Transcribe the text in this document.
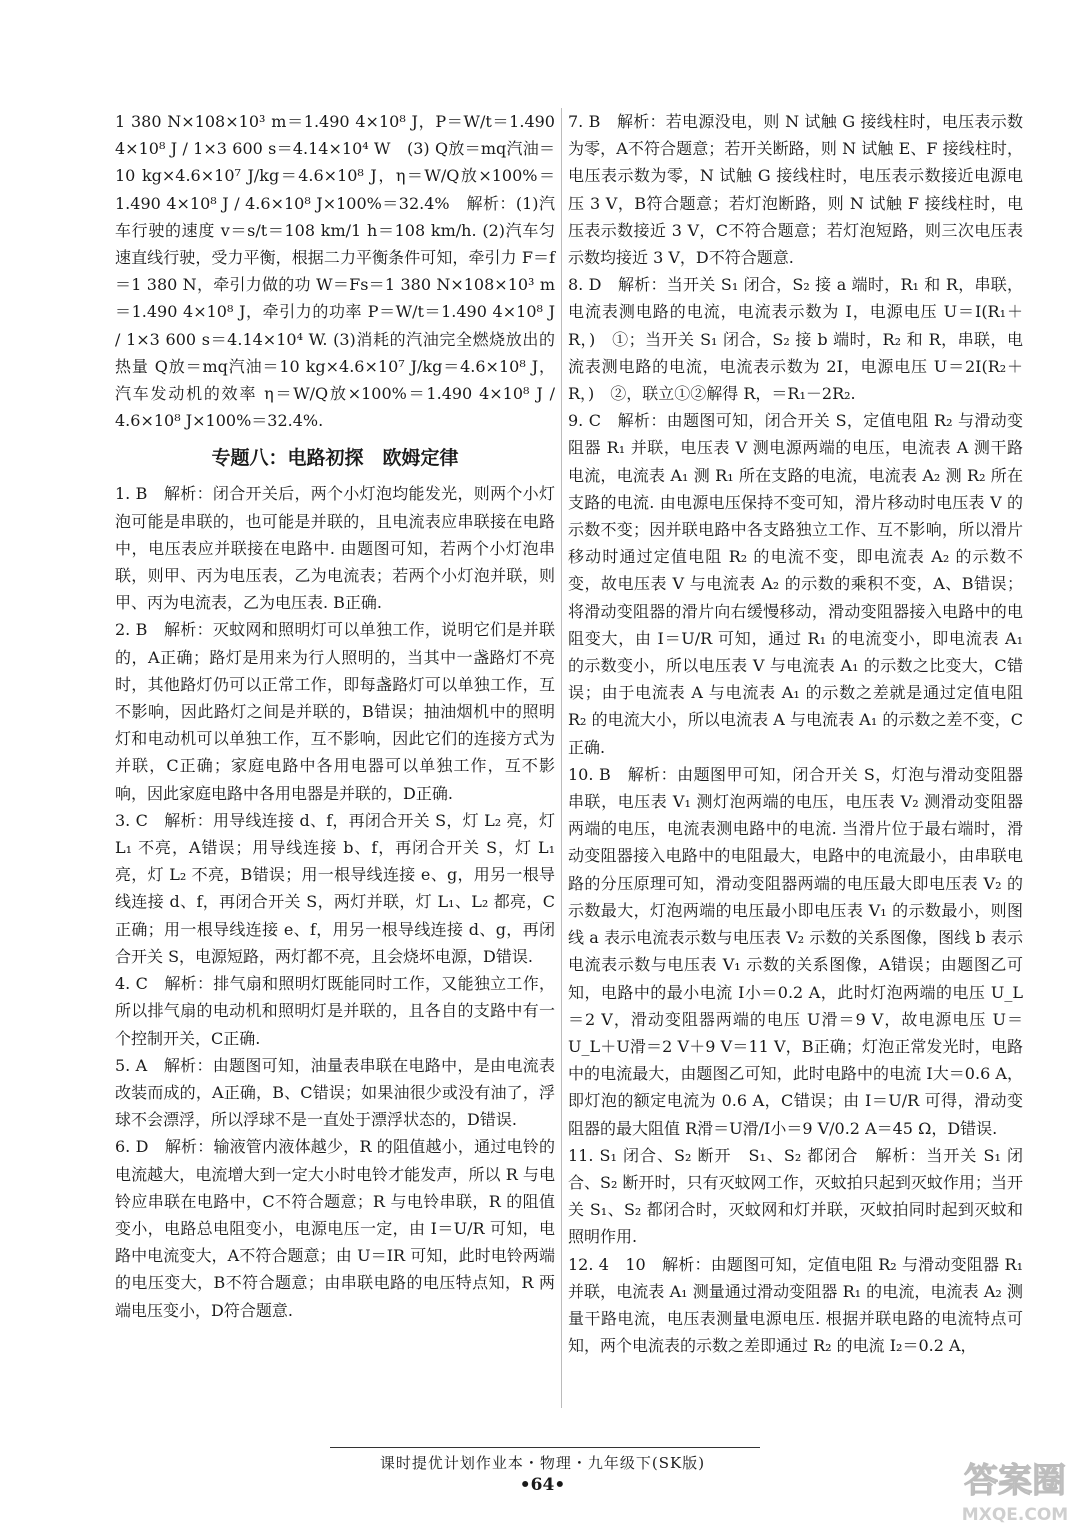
1 380 N×108×10³ m＝1.490 4×10⁸ J，P＝W/t＝1.490 4×10⁸ J / 1×3 600 s＝4.14×10⁴ W　(3) Q放＝mq汽油＝10 kg×4.6×10⁷ J/kg＝4.6×10⁸ J，η＝W/Q放×100%＝1.490 4×10⁸ J / 4.6×10⁸ J×100%＝32.4%　解析：(1)汽车行驶的速度 v＝s/t＝108 km/1 h＝108 km/h. (2)汽车匀速直线行驶，受力平衡，根据二力平衡条件可知，牵引力 F＝f＝1 380 N，牵引力做的功 W＝Fs＝1 380 N×108×10³ m＝1.490 4×10⁸ J，牵引力的功率 P＝W/t＝1.490 4×10⁸ J / 1×3 600 s＝4.14×10⁴ W. (3)消耗的汽油完全燃烧放出的热量 Q放＝mq汽油＝10 kg×4.6×10⁷ J/kg＝4.6×10⁸ J，汽车发动机的效率 η＝W/Q放×100%＝1.490 4×10⁸ J / 4.6×10⁸ J×100%＝32.4%.

专题八：电路初探　欧姆定律

1. B　解析：闭合开关后，两个小灯泡均能发光，则两个小灯泡可能是串联的，也可能是并联的，且电流表应串联接在电路中，电压表应并联接在电路中. 由题图可知，若两个小灯泡串联，则甲、丙为电压表，乙为电流表；若两个小灯泡并联，则甲、丙为电流表，乙为电压表. B正确.

2. B　解析：灭蚊网和照明灯可以单独工作，说明它们是并联的，A正确；路灯是用来为行人照明的，当其中一盏路灯不亮时，其他路灯仍可以正常工作，即每盏路灯可以单独工作，互不影响，因此路灯之间是并联的，B错误；抽油烟机中的照明灯和电动机可以单独工作，互不影响，因此它们的连接方式为并联，C正确；家庭电路中各用电器可以单独工作，互不影响，因此家庭电路中各用电器是并联的，D正确.

3. C　解析：用导线连接 d、f，再闭合开关 S，灯 L₂ 亮，灯 L₁ 不亮，A错误；用导线连接 b、f，再闭合开关 S，灯 L₁ 亮，灯 L₂ 不亮，B错误；用一根导线连接 e、g，用另一根导线连接 d、f，再闭合开关 S，两灯并联，灯 L₁、L₂ 都亮，C正确；用一根导线连接 e、f，用另一根导线连接 d、g，再闭合开关 S，电源短路，两灯都不亮，且会烧坏电源，D错误.

4. C　解析：排气扇和照明灯既能同时工作，又能独立工作，所以排气扇的电动机和照明灯是并联的，且各自的支路中有一个控制开关，C正确.

5. A　解析：由题图可知，油量表串联在电路中，是由电流表改装而成的，A正确，B、C错误；如果油很少或没有油了，浮球不会漂浮，所以浮球不是一直处于漂浮状态的，D错误.

6. D　解析：输液管内液体越少，R 的阻值越小，通过电铃的电流越大，电流增大到一定大小时电铃才能发声，所以 R 与电铃应串联在电路中，C不符合题意；R 与电铃串联，R 的阻值变小，电路总电阻变小，电源电压一定，由 I＝U/R 可知，电路中电流变大，A不符合题意；由 U＝IR 可知，此时电铃两端的电压变大，B不符合题意；由串联电路的电压特点知，R 两端电压变小，D符合题意.

7. B　解析：若电源没电，则 N 试触 G 接线柱时，电压表示数为零，A不符合题意；若开关断路，则 N 试触 E、F 接线柱时，电压表示数为零，N 试触 G 接线柱时，电压表示数接近电源电压 3 V，B符合题意；若灯泡断路，则 N 试触 F 接线柱时，电压表示数接近 3 V，C不符合题意；若灯泡短路，则三次电压表示数均接近 3 V，D不符合题意.

8. D　解析：当开关 S₁ 闭合，S₂ 接 a 端时，R₁ 和 R，串联，电流表测电路的电流，电流表示数为 I，电源电压 U＝I(R₁＋R，)　①；当开关 S₁ 闭合，S₂ 接 b 端时，R₂ 和 R，串联，电流表测电路的电流，电流表示数为 2I，电源电压 U＝2I(R₂＋R，)　②，联立①②解得 R，＝R₁－2R₂.

9. C　解析：由题图可知，闭合开关 S，定值电阻 R₂ 与滑动变阻器 R₁ 并联，电压表 V 测电源两端的电压，电流表 A 测干路电流，电流表 A₁ 测 R₁ 所在支路的电流，电流表 A₂ 测 R₂ 所在支路的电流. 由电源电压保持不变可知，滑片移动时电压表 V 的示数不变；因并联电路中各支路独立工作、互不影响，所以滑片移动时通过定值电阻 R₂ 的电流不变，即电流表 A₂ 的示数不变，故电压表 V 与电流表 A₂ 的示数的乘积不变，A、B错误；将滑动变阻器的滑片向右缓慢移动，滑动变阻器接入电路中的电阻变大，由 I＝U/R 可知，通过 R₁ 的电流变小，即电流表 A₁ 的示数变小，所以电压表 V 与电流表 A₁ 的示数之比变大，C错误；由于电流表 A 与电流表 A₁ 的示数之差就是通过定值电阻 R₂ 的电流大小，所以电流表 A 与电流表 A₁ 的示数之差不变，C正确.

10. B　解析：由题图甲可知，闭合开关 S，灯泡与滑动变阻器串联，电压表 V₁ 测灯泡两端的电压，电压表 V₂ 测滑动变阻器两端的电压，电流表测电路中的电流. 当滑片位于最右端时，滑动变阻器接入电路中的电阻最大，电路中的电流最小，由串联电路的分压原理可知，滑动变阻器两端的电压最大即电压表 V₂ 的示数最大，灯泡两端的电压最小即电压表 V₁ 的示数最小，则图线 a 表示电流表示数与电压表 V₂ 示数的关系图像，图线 b 表示电流表示数与电压表 V₁ 示数的关系图像，A错误；由题图乙可知，电路中的最小电流 I小＝0.2 A，此时灯泡两端的电压 U_L＝2 V，滑动变阻器两端的电压 U滑＝9 V，故电源电压 U＝U_L＋U滑＝2 V＋9 V＝11 V，B正确；灯泡正常发光时，电路中的电流最大，由题图乙可知，此时电路中的电流 I大＝0.6 A，即灯泡的额定电流为 0.6 A，C错误；由 I＝U/R 可得，滑动变阻器的最大阻值 R滑＝U滑/I小＝9 V/0.2 A＝45 Ω，D错误.

11. S₁ 闭合、S₂ 断开　S₁、S₂ 都闭合　解析：当开关 S₁ 闭合、S₂ 断开时，只有灭蚊网工作，灭蚊拍只起到灭蚊作用；当开关 S₁、S₂ 都闭合时，灭蚊网和灯并联，灭蚊拍同时起到灭蚊和照明作用.

12. 4　10　解析：由题图可知，定值电阻 R₂ 与滑动变阻器 R₁ 并联，电流表 A₁ 测量通过滑动变阻器 R₁ 的电流，电流表 A₂ 测量干路电流，电压表测量电源电压. 根据并联电路的电流特点可知，两个电流表的示数之差即通过 R₂ 的电流 I₂＝0.2 A，

课时提优计划作业本・物理・九年级下(SK版)
•64•	答案圈
MXQE.COM
